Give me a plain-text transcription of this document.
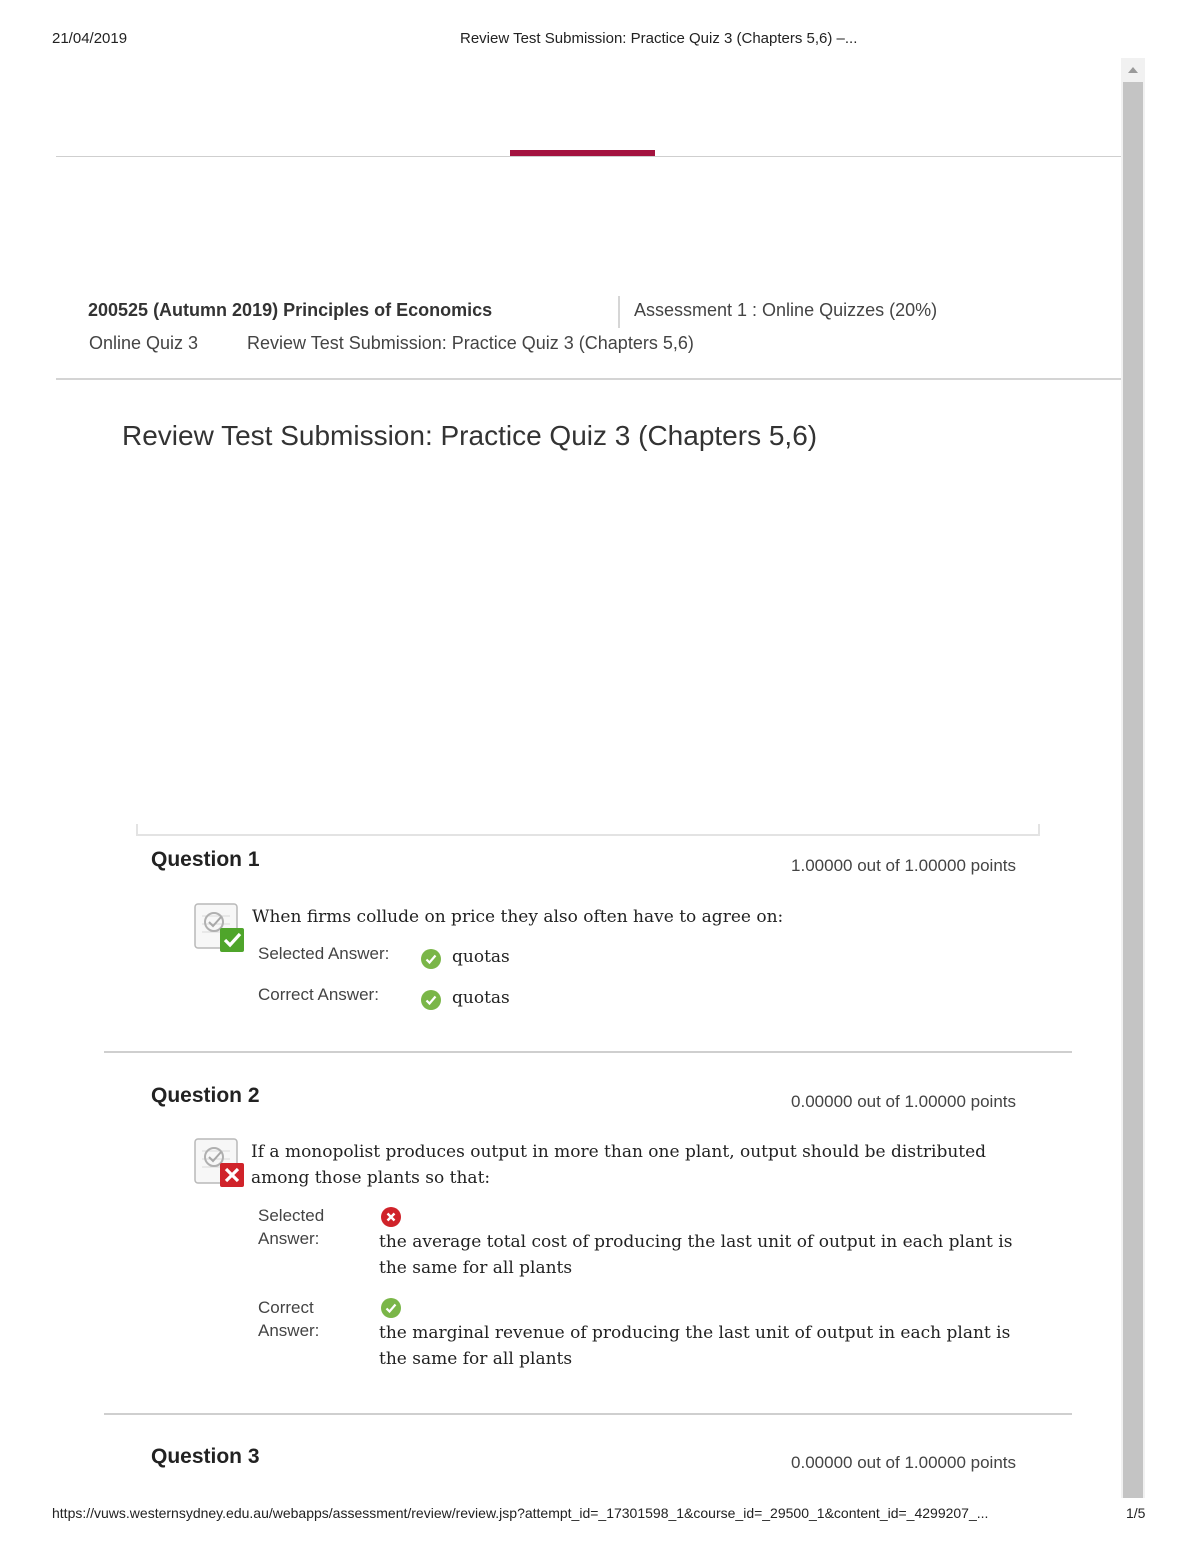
21/04/2019	Review Test Submission: Practice Quiz 3 (Chapters 5,6) –...
200525 (Autumn 2019) Principles of Economics	Assessment 1 : Online Quizzes (20%)
Online Quiz 3	Review Test Submission: Practice Quiz 3 (Chapters 5,6)
Review Test Submission: Practice Quiz 3 (Chapters 5,6)
Question 1	1.00000 out of 1.00000 points
When firms collude on price they also often have to agree on:
Selected Answer:	quotas
Correct Answer:	quotas
Question 2	0.00000 out of 1.00000 points
If a monopolist produces output in more than one plant, output should be distributed
among those plants so that:
Selected
Answer:	the average total cost of producing the last unit of output in each plant is
the same for all plants
Correct
Answer:	the marginal revenue of producing the last unit of output in each plant is
the same for all plants
Question 3	0.00000 out of 1.00000 points
https://vuws.westernsydney.edu.au/webapps/assessment/review/review.jsp?attempt_id=_17301598_1&course_id=_29500_1&content_id=_4299207_...	1/5
